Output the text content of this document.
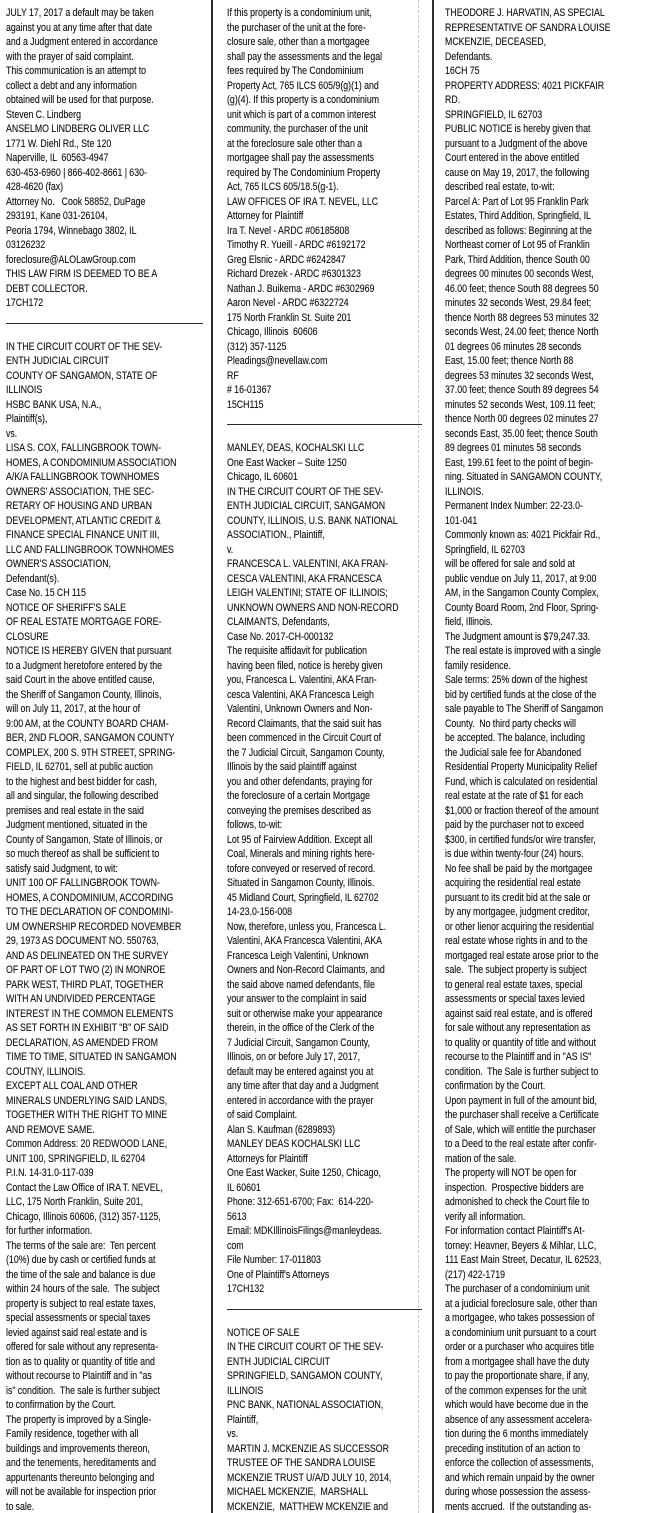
JULY 17, 2017 a default may be taken
against you at any time after that date
and a Judgment entered in accordance
with the prayer of said complaint.
This communication is an attempt to
collect a debt and any information
obtained will be used for that purpose.
Steven C. Lindberg
ANSELMO LINDBERG OLIVER LLC
1771 W. Diehl Rd., Ste 120
Naperville, IL  60563-4947
630-453-6960 | 866-402-8661 | 630-
428-4620 (fax)
Attorney No.   Cook 58852, DuPage
293191, Kane 031-26104,
Peoria 1794, Winnebago 3802, IL
03126232
foreclosure@ALOLawGroup.com
THIS LAW FIRM IS DEEMED TO BE A
DEBT COLLECTOR.
17CH172
IN THE CIRCUIT COURT OF THE SEV-
ENTH JUDICIAL CIRCUIT
COUNTY OF SANGAMON, STATE OF
ILLINOIS
HSBC BANK USA, N.A.,
Plaintiff(s),
vs.
LISA S. COX, FALLINGBROOK TOWN-
HOMES, A CONDOMINIUM ASSOCIATION
A/K/A FALLINGBROOK TOWNHOMES
OWNERS' ASSOCIATION, THE SEC-
RETARY OF HOUSING AND URBAN
DEVELOPMENT, ATLANTIC CREDIT &
FINANCE SPECIAL FINANCE UNIT III,
LLC AND FALLINGBROOK TOWNHOMES
OWNER'S ASSOCIATION,
Defendant(s).
Case No. 15 CH 115
NOTICE OF SHERIFF'S SALE
OF REAL ESTATE MORTGAGE FORE-
CLOSURE
NOTICE IS HEREBY GIVEN that pursuant
to a Judgment heretofore entered by the
said Court in the above entitled cause,
the Sheriff of Sangamon County, Illinois,
will on July 11, 2017, at the hour of
9:00 AM, at the COUNTY BOARD CHAM-
BER, 2ND FLOOR, SANGAMON COUNTY
COMPLEX, 200 S. 9TH STREET, SPRING-
FIELD, IL 62701, sell at public auction
to the highest and best bidder for cash,
all and singular, the following described
premises and real estate in the said
Judgment mentioned, situated in the
County of Sangamon, State of Illinois, or
so much thereof as shall be sufficient to
satisfy said Judgment, to wit:
UNIT 100 OF FALLINGBROOK TOWN-
HOMES, A CONDOMINIUM, ACCORDING
TO THE DECLARATION OF CONDOMINI-
UM OWNERSHIP RECORDED NOVEMBER
29, 1973 AS DOCUMENT NO. 550763,
AND AS DELINEATED ON THE SURVEY
OF PART OF LOT TWO (2) IN MONROE
PARK WEST, THIRD PLAT, TOGETHER
WITH AN UNDIVIDED PERCENTAGE
INTEREST IN THE COMMON ELEMENTS
AS SET FORTH IN EXHIBIT "B" OF SAID
DECLARATION, AS AMENDED FROM
TIME TO TIME, SITUATED IN SANGAMON
COUTNY, ILLINOIS.
EXCEPT ALL COAL AND OTHER
MINERALS UNDERLYING SAID LANDS,
TOGETHER WITH THE RIGHT TO MINE
AND REMOVE SAME.
Common Address: 20 REDWOOD LANE,
UNIT 100, SPRINGFIELD, IL 62704
P.I.N. 14-31.0-117-039
Contact the Law Office of IRA T. NEVEL,
LLC, 175 North Franklin, Suite 201,
Chicago, Illinois 60606, (312) 357-1125,
for further information.
The terms of the sale are:  Ten percent
(10%) due by cash or certified funds at
the time of the sale and balance is due
within 24 hours of the sale.  The subject
property is subject to real estate taxes,
special assessments or special taxes
levied against said real estate and is
offered for sale without any representa-
tion as to quality or quantity of title and
without recourse to Plaintiff and in "as
is" condition.  The sale is further subject
to confirmation by the Court.
The property is improved by a Single-
Family residence, together with all
buildings and improvements thereon,
and the tenements, hereditaments and
appurtenants thereunto belonging and
will not be available for inspection prior
to sale.
If this property is a condominium unit,
the purchaser of the unit at the fore-
closure sale, other than a mortgagee
shall pay the assessments and the legal
fees required by The Condominium
Property Act, 765 ILCS 605/9(g)(1) and
(g)(4). If this property is a condominium
unit which is part of a common interest
community, the purchaser of the unit
at the foreclosure sale other than a
mortgagee shall pay the assessments
required by The Condominium Property
Act, 765 ILCS 605/18.5(g-1).
LAW OFFICES OF IRA T. NEVEL, LLC
Attorney for Plaintiff
Ira T. Nevel - ARDC #06185808
Timothy R. Yueill - ARDC #6192172
Greg Elsnic - ARDC #6242847
Richard Drezek - ARDC #6301323
Nathan J. Buikema - ARDC #6302969
Aaron Nevel - ARDC #6322724
175 North Franklin St. Suite 201
Chicago, Illinois  60606
(312) 357-1125
Pleadings@nevellaw.com
RF
# 16-01367
15CH115
MANLEY, DEAS, KOCHALSKI LLC
One East Wacker – Suite 1250
Chicago, IL 60601
IN THE CIRCUIT COURT OF THE SEV-
ENTH JUDICIAL CIRCUIT, SANGAMON
COUNTY, ILLINOIS, U.S. BANK NATIONAL
ASSOCIATION., Plaintiff,
v.
FRANCESCA L. VALENTINI, AKA FRAN-
CESCA VALENTINI, AKA FRANCESCA
LEIGH VALENTINI; STATE OF ILLINOIS;
UNKNOWN OWNERS AND NON-RECORD
CLAIMANTS, Defendants,
Case No. 2017-CH-000132
The requisite affidavit for publication
having been filed, notice is hereby given
you, Francesca L. Valentini, AKA Fran-
cesca Valentini, AKA Francesca Leigh
Valentini, Unknown Owners and Non-
Record Claimants, that the said suit has
been commenced in the Circuit Court of
the 7 Judicial Circuit, Sangamon County,
Illinois by the said plaintiff against
you and other defendants, praying for
the foreclosure of a certain Mortgage
conveying the premises described as
follows, to-wit:
Lot 95 of Fairview Addition. Except all
Coal, Minerals and mining rights here-
tofore conveyed or reserved of record.
Situated in Sangamon County, Illinois.
45 Midland Court, Springfield, IL 62702
14-23.0-156-008
Now, therefore, unless you, Francesca L.
Valentini, AKA Francesca Valentini, AKA
Francesca Leigh Valentini, Unknown
Owners and Non-Record Claimants, and
the said above named defendants, file
your answer to the complaint in said
suit or otherwise make your appearance
therein, in the office of the Clerk of the
7 Judicial Circuit, Sangamon County,
Illinois, on or before July 17, 2017,
default may be entered against you at
any time after that day and a Judgment
entered in accordance with the prayer
of said Complaint.
Alan S. Kaufman (6289893)
MANLEY DEAS KOCHALSKI LLC
Attorneys for Plaintiff
One East Wacker, Suite 1250, Chicago,
IL 60601
Phone: 312-651-6700; Fax:  614-220-
5613
Email: MDKIllinoisFilings@manleydeas.
com
File Number: 17-011803
One of Plaintiff's Attorneys
17CH132
NOTICE OF SALE
IN THE CIRCUIT COURT OF THE SEV-
ENTH JUDICIAL CIRCUIT
SPRINGFIELD, SANGAMON COUNTY,
ILLINOIS
PNC BANK, NATIONAL ASSOCIATION,
Plaintiff,
vs.
MARTIN J. MCKENZIE AS SUCCESSOR
TRUSTEE OF THE SANDRA LOUISE
MCKENZIE TRUST U/A/D JULY 10, 2014,
MICHAEL MCKENZIE,  MARSHALL
MCKENZIE,  MATTHEW MCKENZIE and
THEODORE J. HARVATIN, AS SPECIAL
REPRESENTATIVE OF SANDRA LOUISE
MCKENZIE, DECEASED,
Defendants.
16CH 75
PROPERTY ADDRESS: 4021 PICKFAIR
RD.
SPRINGFIELD, IL 62703
PUBLIC NOTICE is hereby given that
pursuant to a Judgment of the above
Court entered in the above entitled
cause on May 19, 2017, the following
described real estate, to-wit:
Parcel A: Part of Lot 95 Franklin Park
Estates, Third Addition, Springfield, IL
described as follows: Beginning at the
Northeast corner of Lot 95 of Franklin
Park, Third Addition, thence South 00
degrees 00 minutes 00 seconds West,
46.00 feet; thence South 88 degrees 50
minutes 32 seconds West, 29.84 feet;
thence North 88 degrees 53 minutes 32
seconds West, 24.00 feet; thence North
01 degrees 06 minutes 28 seconds
East, 15.00 feet; thence North 88
degrees 53 minutes 32 seconds West,
37.00 feet; thence South 89 degrees 54
minutes 52 seconds West, 109.11 feet;
thence North 00 degrees 02 minutes 27
seconds East, 35.00 feet; thence South
89 degrees 01 minutes 58 seconds
East, 199.61 feet to the point of begin-
ning. Situated in SANGAMON COUNTY,
ILLINOIS.
Permanent Index Number: 22-23.0-
101-041
Commonly known as: 4021 Pickfair Rd.,
Springfield, IL 62703
will be offered for sale and sold at
public vendue on July 11, 2017, at 9:00
AM, in the Sangamon County Complex,
County Board Room, 2nd Floor, Spring-
field, Illinois.
The Judgment amount is $79,247.33.
The real estate is improved with a single
family residence.
Sale terms: 25% down of the highest
bid by certified funds at the close of the
sale payable to The Sheriff of Sangamon
County.  No third party checks will
be accepted. The balance, including
the Judicial sale fee for Abandoned
Residential Property Municipality Relief
Fund, which is calculated on residential
real estate at the rate of $1 for each
$1,000 or fraction thereof of the amount
paid by the purchaser not to exceed
$300, in certified funds/or wire transfer,
is due within twenty-four (24) hours.
No fee shall be paid by the mortgagee
acquiring the residential real estate
pursuant to its credit bid at the sale or
by any mortgagee, judgment creditor,
or other lienor acquiring the residential
real estate whose rights in and to the
mortgaged real estate arose prior to the
sale.  The subject property is subject
to general real estate taxes, special
assessments or special taxes levied
against said real estate, and is offered
for sale without any representation as
to quality or quantity of title and without
recourse to the Plaintiff and in "AS IS"
condition.  The Sale is further subject to
confirmation by the Court.
Upon payment in full of the amount bid,
the purchaser shall receive a Certificate
of Sale, which will entitle the purchaser
to a Deed to the real estate after confir-
mation of the sale.
The property will NOT be open for
inspection.  Prospective bidders are
admonished to check the Court file to
verify all information.
For information contact Plaintiff's At-
torney: Heavner, Beyers & Mihlar, LLC,
111 East Main Street, Decatur, IL 62523,
(217) 422-1719
The purchaser of a condominium unit
at a judicial foreclosure sale, other than
a mortgagee, who takes possession of
a condominium unit pursuant to a court
order or a purchaser who acquires title
from a mortgagee shall have the duty
to pay the proportionate share, if any,
of the common expenses for the unit
which would have become due in the
absence of any assessment accelera-
tion during the 6 months immediately
preceding institution of an action to
enforce the collection of assessments,
and which remain unpaid by the owner
during whose possession the assess-
ments accrued.  If the outstanding as-
